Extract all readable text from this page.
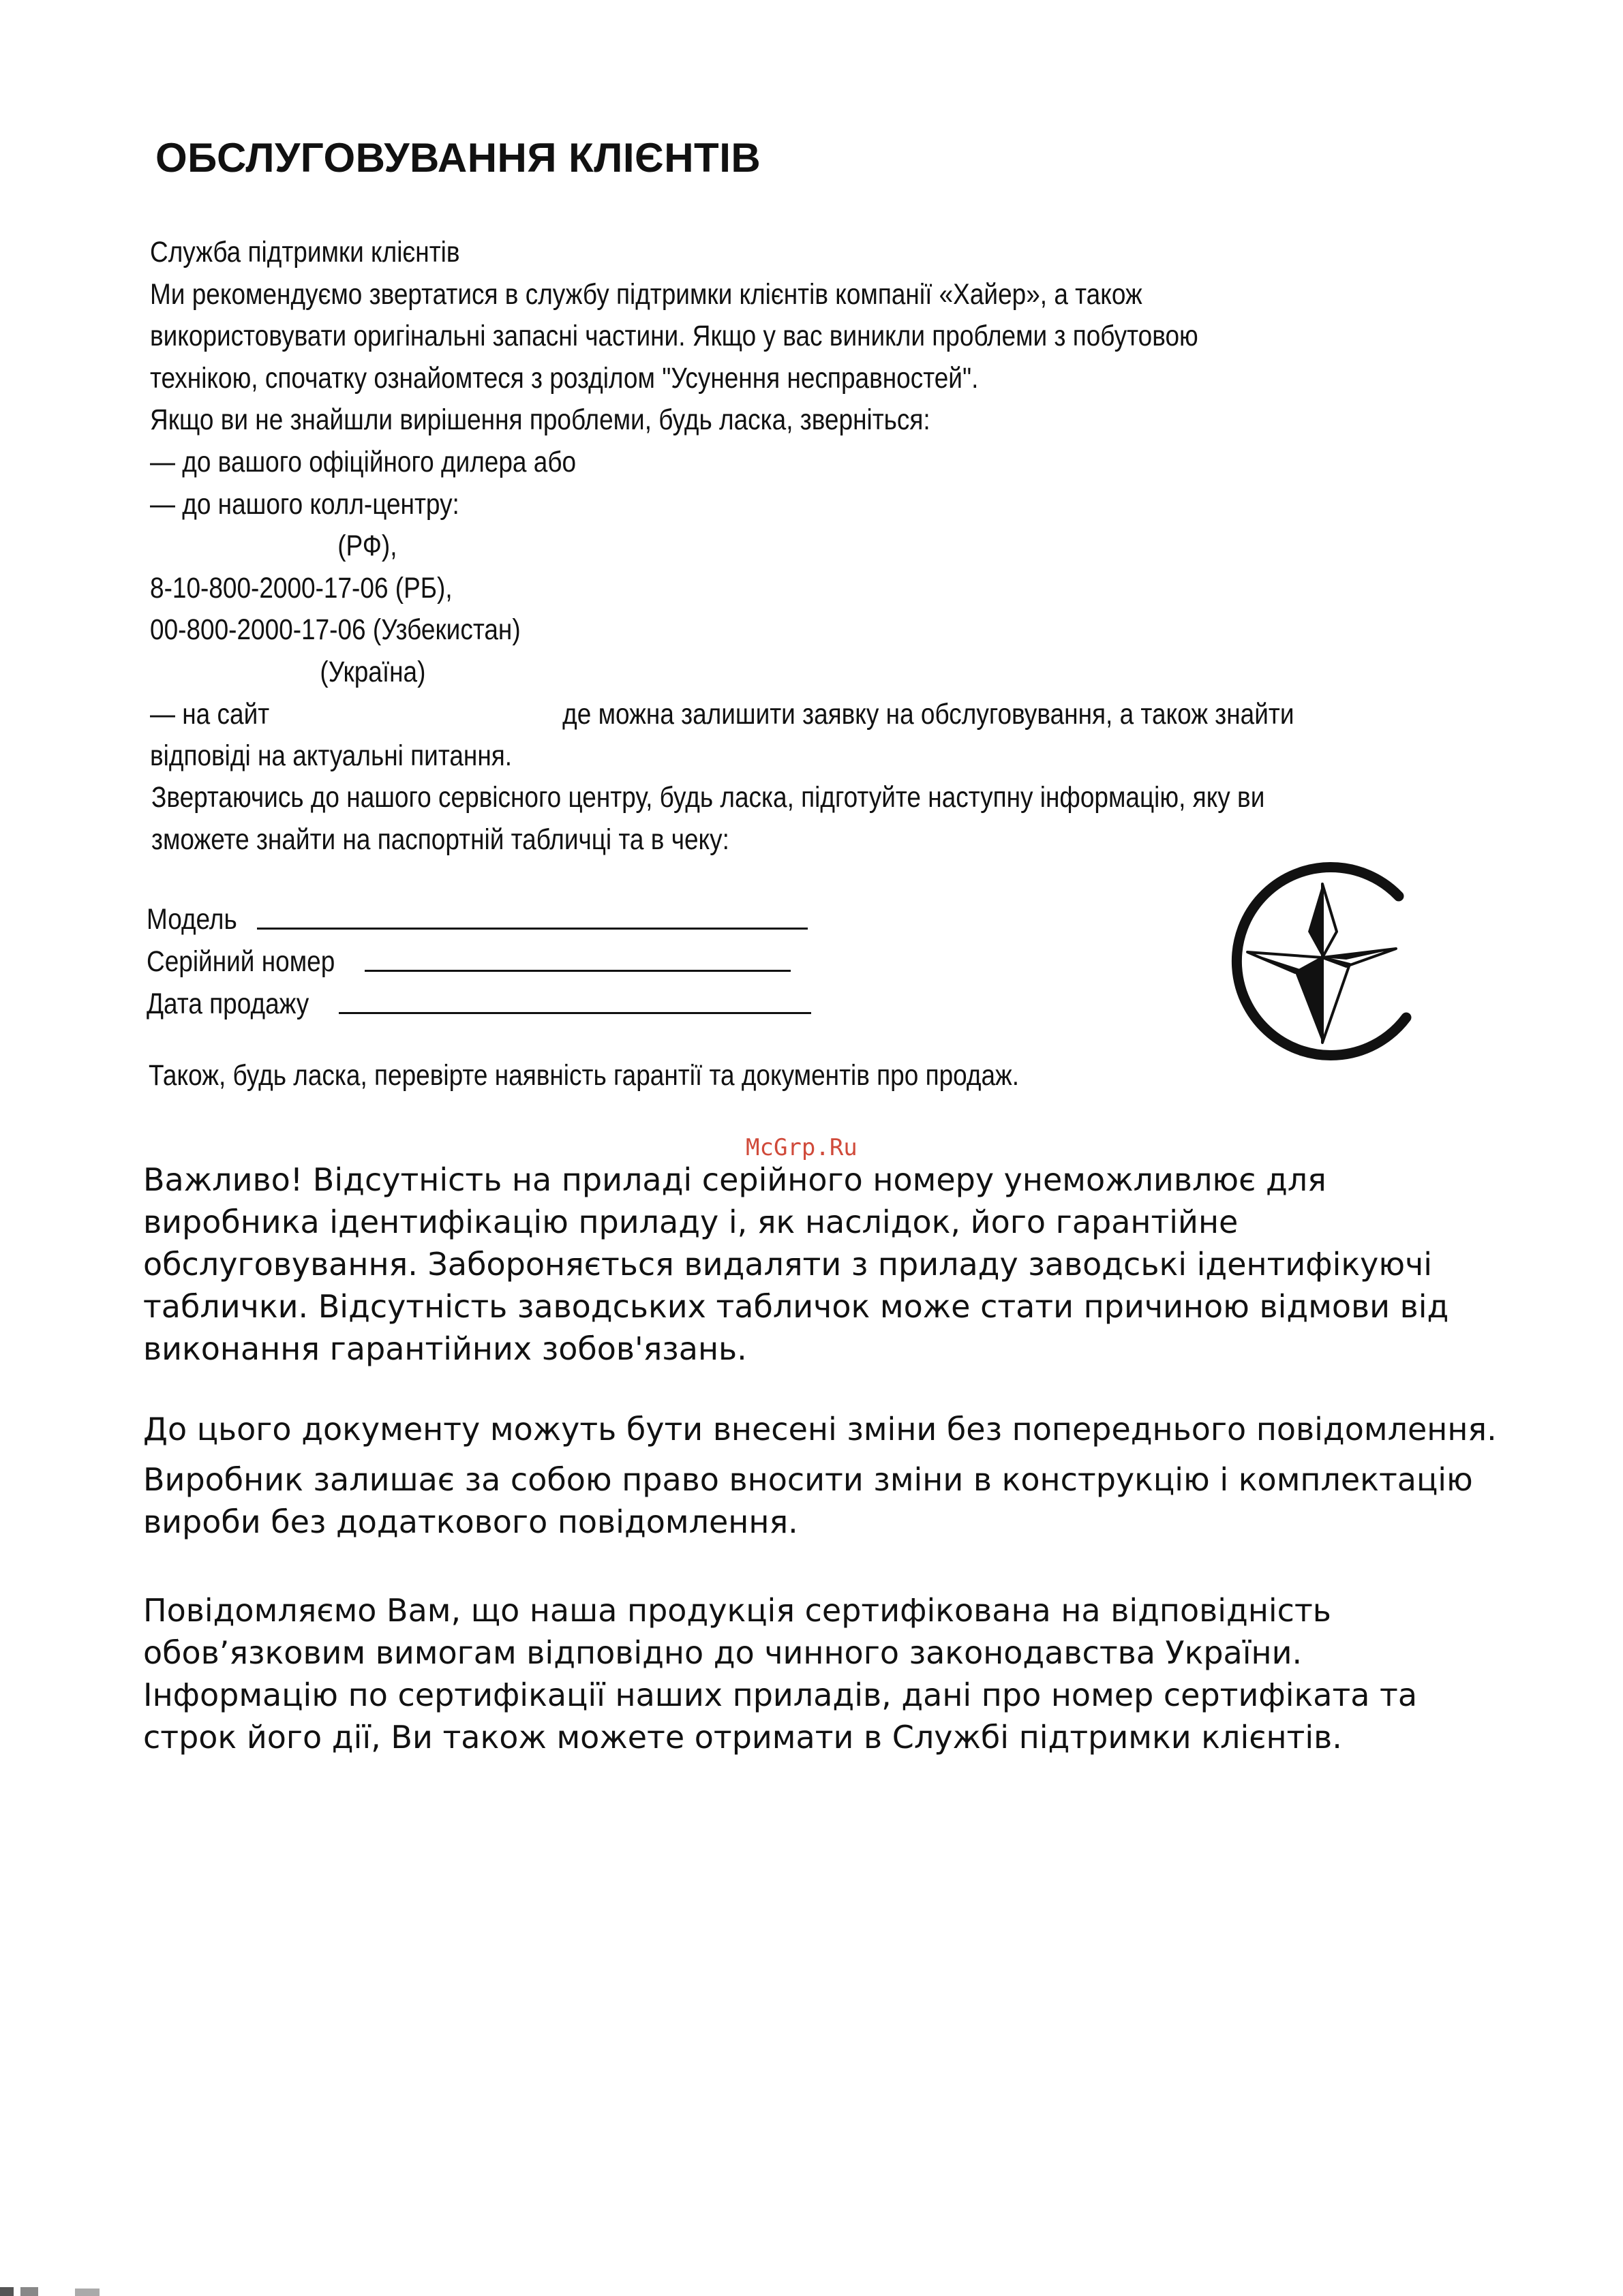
ОБСЛУГОВУВАННЯ КЛІЄНТІВ
Служба підтримки клієнтів
Ми рекомендуємо звертатися в службу підтримки клієнтів компанії «Хайер», а також
використовувати оригінальні запасні частини. Якщо у вас виникли проблеми з побутовою
технікою, спочатку ознайомтеся з розділом "Усунення несправностей".
Якщо ви не знайшли вирішення проблеми, будь ласка, зверніться:
— до вашого офіційного дилера або
— до нашого колл-центру:
(РФ),
8-10-800-2000-17-06 (РБ),
00-800-2000-17-06 (Узбекистан)
(Україна)
— на сайт	де можна залишити заявку на обслуговування, а також знайти
відповіді на актуальні питання.
Звертаючись до нашого сервісного центру, будь ласка, підготуйте наступну інформацію, яку ви
зможете знайти на паспортній табличці та в чеку:
Модель
Серійний номер
Дата продажу
Також, будь ласка, перевірте наявність гарантії та документів про продаж.
McGrp.Ru
Важливо! Відсутність на приладі серійного номеру унеможливлює для
виробника ідентифікацію приладу і, як наслідок, його гарантійне
обслуговування. Забороняється видаляти з приладу заводські ідентифікуючі
таблички. Відсутність заводських табличок може стати причиною відмови від
виконання гарантійних зобов'язань.
До цього документу можуть бути внесені зміни без попереднього повідомлення.
Виробник залишає за собою право вносити зміни в конструкцію і комплектацію
вироби без додаткового повідомлення.
Повідомляємо Вам, що наша продукція сертифікована на відповідність
обов’язковим вимогам відповідно до чинного законодавства України.
Інформацію по сертифікації наших приладів, дані про номер сертифіката та
строк його дії, Ви також можете отримати в Службі підтримки клієнтів.
